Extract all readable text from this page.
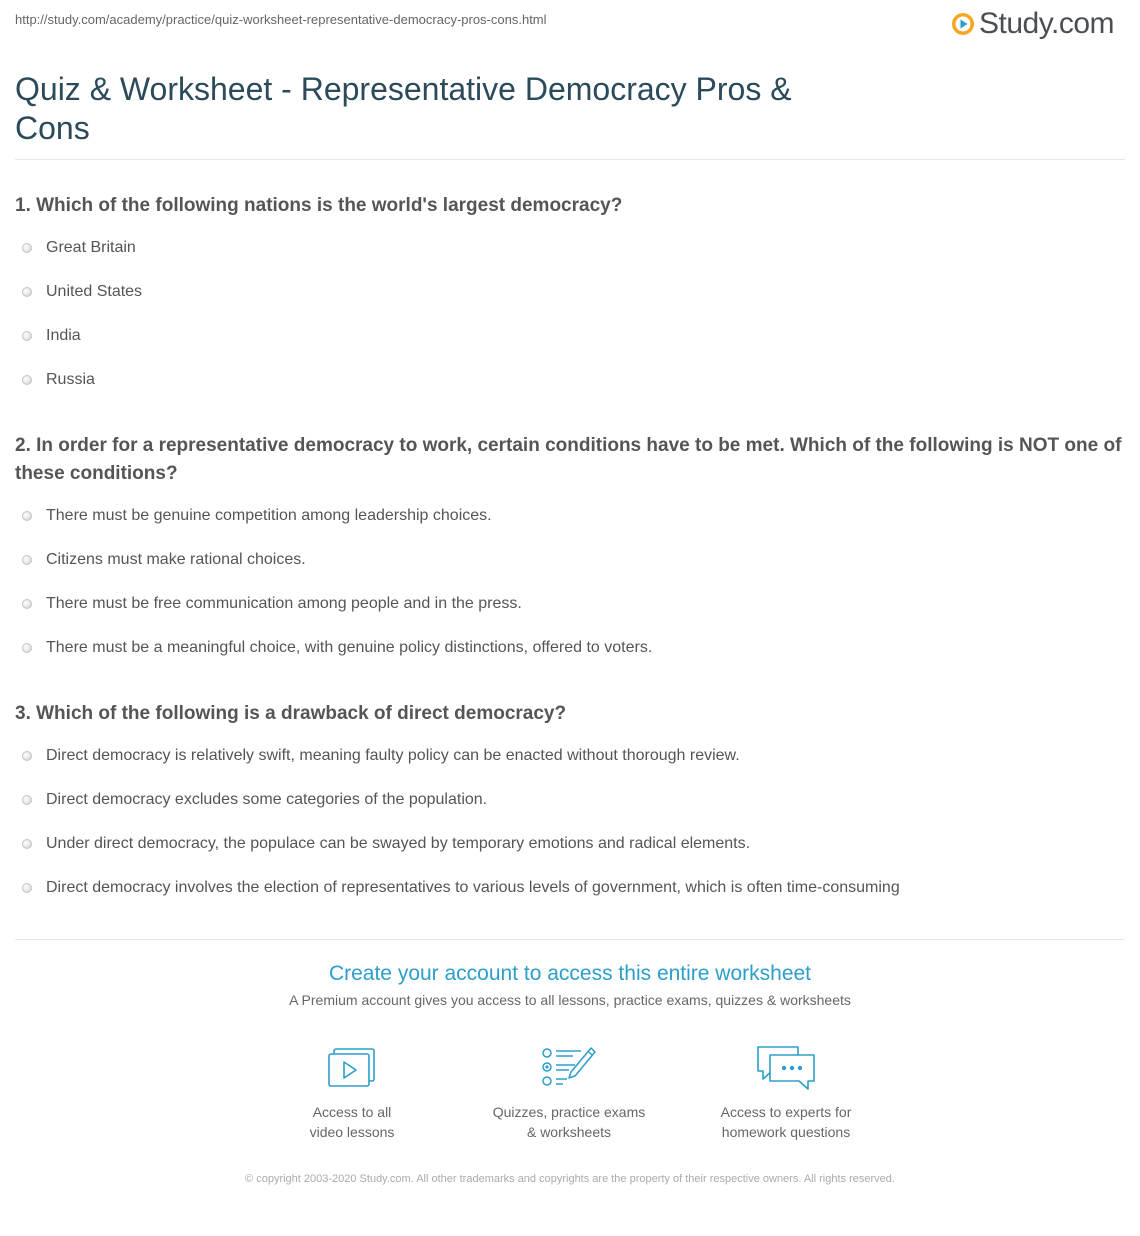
http://study.com/academy/practice/quiz-worksheet-representative-democracy-pros-cons.html	Study.com
Quiz & Worksheet - Representative Democracy Pros & Cons

1. Which of the following nations is the world's largest democracy?

Great Britain
United States
India
Russia

2. In order for a representative democracy to work, certain conditions have to be met. Which of the following is NOT one of these conditions?

There must be genuine competition among leadership choices.
Citizens must make rational choices.
There must be free communication among people and in the press.
There must be a meaningful choice, with genuine policy distinctions, offered to voters.

3. Which of the following is a drawback of direct democracy?

Direct democracy is relatively swift, meaning faulty policy can be enacted without thorough review.
Direct democracy excludes some categories of the population.
Under direct democracy, the populace can be swayed by temporary emotions and radical elements.
Direct democracy involves the election of representatives to various levels of government, which is often time-consuming
Create your account to access this entire worksheet
A Premium account gives you access to all lessons, practice exams, quizzes & worksheets
Access to all
video lessons
Quizzes, practice exams
& worksheets
Access to experts for
homework questions
© copyright 2003-2020 Study.com. All other trademarks and copyrights are the property of their respective owners. All rights reserved.
